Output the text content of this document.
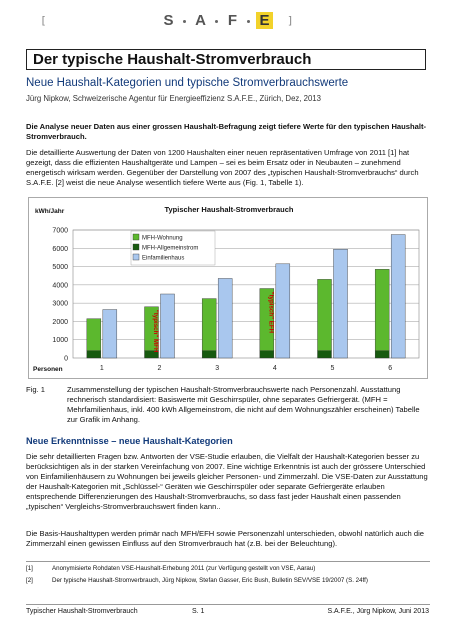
[	S A F E	]
Der typische Haushalt-Stromverbrauch
Neue Haushalt-Kategorien und typische Stromverbrauchswerte
Jürg Nipkow, Schweizerische Agentur für Energieeffizienz S.A.F.E., Zürich, Dez, 2013
Die Analyse neuer Daten aus einer grossen Haushalt-Befragung zeigt tiefere Werte für den typischen Haushalt-Stromverbrauch.
Die detaillierte Auswertung der Daten von 1200 Haushalten einer neuen repräsentativen Umfrage von 2011 [1] hat gezeigt, dass die effizienten Haushaltgeräte und Lampen – sei es beim Ersatz oder in Neubauten – zunehmend energetisch wirksam werden. Gegenüber der Darstellung von 2007 des „typischen Haushalt-Stromverbrauchs“ durch S.A.F.E. [2] weist die neue Analyse wesentlich tiefere Werte aus (Fig. 1, Tabelle 1).
0
1000
2000
3000
4000
5000
6000
7000
kWh/Jahr	Typischer Haushalt-Stromverbrauch
Personen	1	2	3	4	5	6
"typisch" MFH	"typisch" EFH
MFH-Wohnung
MFH-Allgemeinstrom
Einfamilienhaus
Fig. 1	Zusammenstellung der typischen Haushalt-Stromverbrauchswerte nach Personenzahl. Ausstattung rechnerisch standardisiert: Basiswerte mit Geschirrspüler, ohne separates Gefriergerät. (MFH = Mehrfamilienhaus, inkl. 400 kWh Allgemeinstrom, die nicht auf dem Wohnungszähler erscheinen) Tabelle zur Grafik im Anhang.
Neue Erkenntnisse – neue Haushalt-Kategorien
Die sehr detaillierten Fragen bzw. Antworten der VSE-Studie erlauben, die Vielfalt der Haushalt-Kategorien besser zu berücksichtigen als in der starken Vereinfachung von 2007. Eine wichtige Erkenntnis ist auch der grössere Unterschied von Einfamilienhäusern zu Wohnungen bei jeweils gleicher Personen- und Zimmerzahl. Die VSE-Daten zur Ausstattung der Haushalt-Kategorien mit „Schlüssel-“ Geräten wie Geschirrspüler oder separate Gefriergeräte erlauben entsprechende Differenzierungen des Haushalt-Stromverbrauchs, so dass fast jeder Haushalt einen passenden „typischen“ Vergleichs-Stromverbrauchswert finden kann..
Die Basis-Haushalttypen werden primär nach MFH/EFH sowie Personenzahl unterschieden, obwohl natürlich auch die Zimmerzahl einen gewissen Einfluss auf den Stromverbrauch hat (z.B. bei der Beleuchtung).
[1]	Anonymisierte Rohdaten VSE-Haushalt-Erhebung 2011 (zur Verfügung gestellt von VSE, Aarau)
[2]	Der typische Haushalt-Stromverbrauch, Jürg Nipkow, Stefan Gasser, Eric Bush, Bulletin SEV/VSE 19/2007 (S. 24ff)
Typischer Haushalt-Stromverbrauch	S. 1	S.A.F.E., Jürg Nipkow, Juni 2013
